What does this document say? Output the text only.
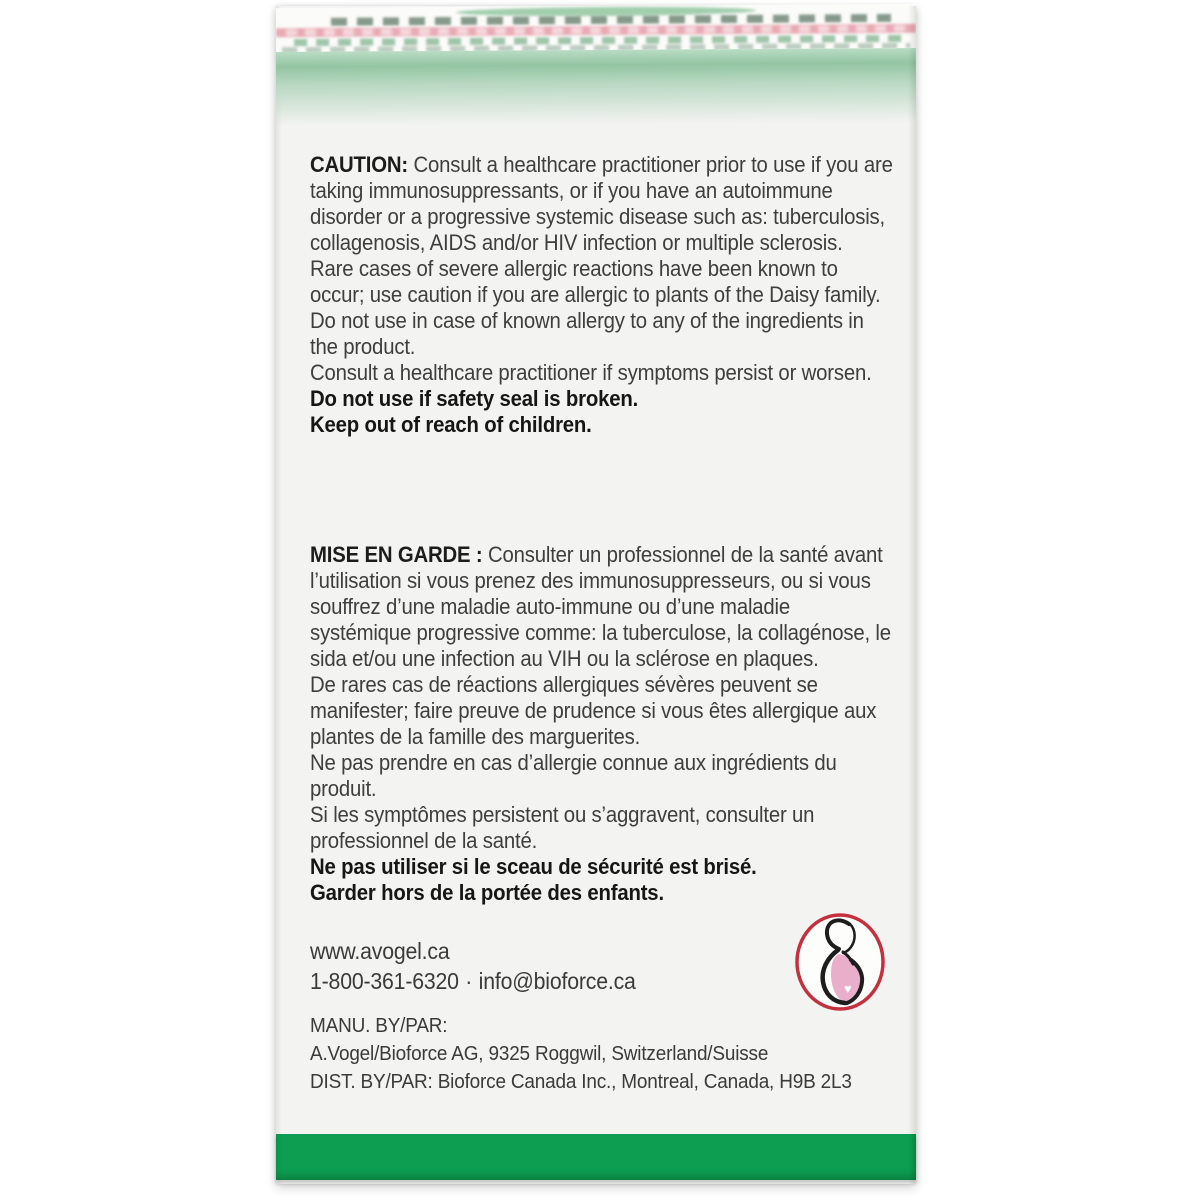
CAUTION: Consult a healthcare practitioner prior to use if you are taking immunosuppressants, or if you have an autoimmune disorder or a progressive systemic disease such as: tuberculosis, collagenosis, AIDS and/or HIV infection or multiple sclerosis.

Rare cases of severe allergic reactions have been known to occur; use caution if you are allergic to plants of the Daisy family.

Do not use in case of known allergy to any of the ingredients in the product.

Consult a healthcare practitioner if symptoms persist or worsen.

Do not use if safety seal is broken.

Keep out of reach of children.

MISE EN GARDE : Consulter un professionnel de la santé avant l’utilisation si vous prenez des immunosuppresseurs, ou si vous souffrez d’une maladie auto-immune ou d’une maladie systémique progressive comme: la tuberculose, la collagénose, le sida et/ou une infection au VIH ou la sclérose en plaques.

De rares cas de réactions allergiques sévères peuvent se manifester; faire preuve de prudence si vous êtes allergique aux plantes de la famille des marguerites.

Ne pas prendre en cas d’allergie connue aux ingrédients du produit.

Si les symptômes persistent ou s’aggravent, consulter un professionnel de la santé.

Ne pas utiliser si le sceau de sécurité est brisé.

Garder hors de la portée des enfants.

www.avogel.ca
1-800-361-6320 · info@bioforce.ca
MANU. BY/PAR:
A.Vogel/Bioforce AG, 9325 Roggwil, Switzerland/Suisse
DIST. BY/PAR: Bioforce Canada Inc., Montreal, Canada, H9B 2L3
♥
